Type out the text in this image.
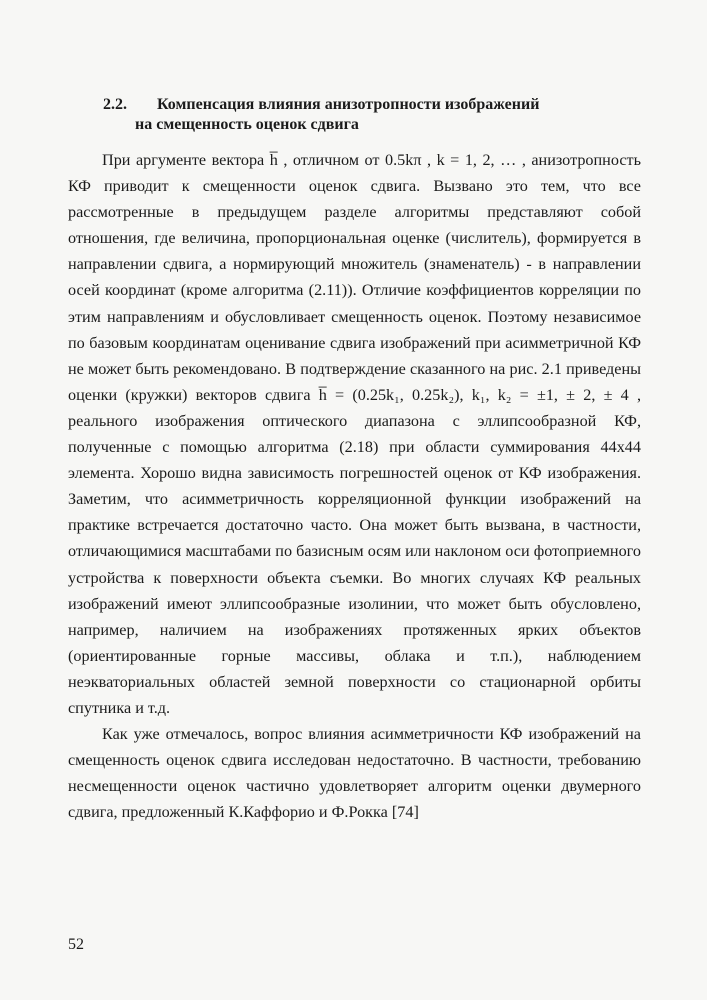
2.2. Компенсация влияния анизотропности изображений
на смещенность оценок сдвига

При аргументе вектора h̅ , отличном от 0.5kπ , k = 1, 2, … , анизотропность КФ приводит к смещенности оценок сдвига. Вызвано это тем, что все рассмотренные в предыдущем разделе алгоритмы представляют собой отношения, где величина, пропорциональная оценке (числитель), формируется в направлении сдвига, а нормирующий множитель (знаменатель) - в направлении осей координат (кроме алгоритма (2.11)). Отличие коэффициентов корреляции по этим направлениям и обусловливает смещенность оценок. Поэтому независимое по базовым координатам оценивание сдвига изображений при асимметричной КФ не может быть рекомендовано. В подтверждение сказанного на рис. 2.1 приведены оценки (кружки) векторов сдвига h̅ = (0.25k₁, 0.25k₂), k₁, k₂ = ±1, ± 2, ± 4 , реального изображения оптического диапазона с эллипсообразной КФ, полученные с помощью алгоритма (2.18) при области суммирования 44x44 элемента. Хорошо видна зависимость погрешностей оценок от КФ изображения. Заметим, что асимметричность корреляционной функции изображений на практике встречается достаточно часто. Она может быть вызвана, в частности, отличающимися масштабами по базисным осям или наклоном оси фотоприемного устройства к поверхности объекта съемки. Во многих случаях КФ реальных изображений имеют эллипсообразные изолинии, что может быть обусловлено, например, наличием на изображениях протяженных ярких объектов (ориентированные горные массивы, облака и т.п.), наблюдением неэкваториальных областей земной поверхности со стационарной орбиты спутника и т.д.

Как уже отмечалось, вопрос влияния асимметричности КФ изображений на смещенность оценок сдвига исследован недостаточно. В частности, требованию несмещенности оценок частично удовлетворяет алгоритм оценки двумерного сдвига, предложенный К.Каффорио и Ф.Рокка [74]

52
